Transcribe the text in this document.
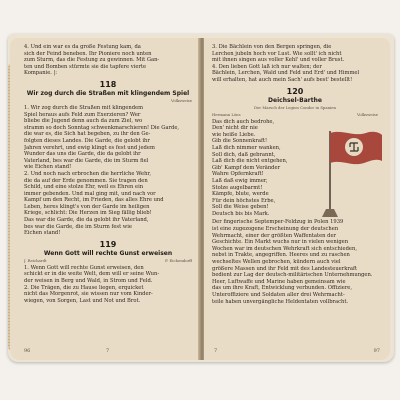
4. Und ein war es da große Festung kam, da
sich der Feind beneben. Ihr Pioniere noch unten
zum Sturm, das die Festung zu gewinnen. Mit Gan-
ten und Bomben stürmte sie die tapfere vierte
Kompanie. |:
118
Wir zog durch die Straßen mit klingendem Spiel
Volksweise
1. Wir zog durch die Straßen mit klingendem
Spiel heraus aufs Feld zum Exerzieren? Wer
bliebe die Jugend denn auch da zum Ziel, wo
stramm so doch Sonntag schwenkmarschieren! Die Garde,
die war es, die Sich hat begeben, zu ihr den Ge-
folgten dieses Landes. Die Garde, die gelobt ihr
Jahren verehrt, und ewig klingt es fest und jedem
Wunder das uns die Garde, die da gelobt ihr
Vaterland, bes war die Garde, die im Sturm fiel
wie Eichen stand!
2. Und noch nach erbrochen die herrliche Wehr,
die da auf der Erde genommen. Sie tragen den
Schild, und eine stolze Ehr, weil es Ehren ein
immer gebenden. Und mal ging mit, und nach vor
Kampf um den Recht, im Frieden, das alles Ehre und
Leben, heres klingt's von der Garde im heiligen
Kriege, schlicht: Die Herzen im Sieg fällig blieb!
Das war die Garde, die da gelobt ihr Vaterland,
bes war die Garde, die im Sturm fest wie
Eichen stand!
119
Wenn Gott will rechte Gunst erweisen
J. Reichardt	F. Eichendorff
1. Wenn Gott will rechte Gunst erweisen, den
schickt er in die weite Welt, dem will er seine Wun-
der weisen in Berg und Wald, in Strom und Feld.
2. Die Trägen, die zu Hause liegen, erquicket
nicht das Morgenrot, sie wissen nur vom Kinder-
wiegen, von Sorgen, Last und Not und Brot.
96	7
3. Die Bächlein von den Bergen springen, die
Lerchen jubeln hoch vor Lust. Wie sollt' ich nicht
mit ihnen singen aus voller Kehl' und voller Brust.
4. Den lieben Gott laß ich nur walten; der
Bächlein, Lerchen, Wald und Feld und Erd' und Himmel
will erhalten, hat auch mein Sach' aufs best' bestellt!
120
Deichsel-Barthe
Der Marsch der Legion Condor in Spanien
Hermann Löns	Volksweise
Das dich auch bedrohe,
Den' nicht dir nie
wie heiße Liebe.
Gib die Sonnenkraft!
Laß dich nimmer wanken,
Soll dich, daß gebrannt,
Laß dich die nicht entgehen,
Gib' Kampf dem Veränder
Wahre Opfernkraft!
Laß daß ewig immer,
Stolze augelbarmt!
Kämpfe, blute, werde
Für dein höchstes Erbe,
Soll die Weise geben!
Deutsch bis bis Mark.
Der fingerische Septemper-Feldzug in Polen 1939
ist eine zugezogene Erscheinung der deutschen
Wehrmacht, einer der größten Waffentaten der
Geschichte. Ein Markt wuchs nur in vielen wenigen
Wochen war im deutschen Wehrkraft sich entschieden,
nebst in Trakte, angegriffen. Heeres und zu raschen
wechseltes Wellen gebrochen, kündern auch viel
größere Massen und ihr Feld mit des Landesteuerkraft
bedient zur Lag der deutsch-militärischen Unternehmungen.
Heer, Luftwaffe und Marine haben gemeinsam wie
das um ihre Kraft, Entwicklung verbunden. Offiziere,
Unteroffiziere und Soldaten aller drei Wehrmacht-
teile haben unvergängliche Heldentaten vollbracht.
7	97
